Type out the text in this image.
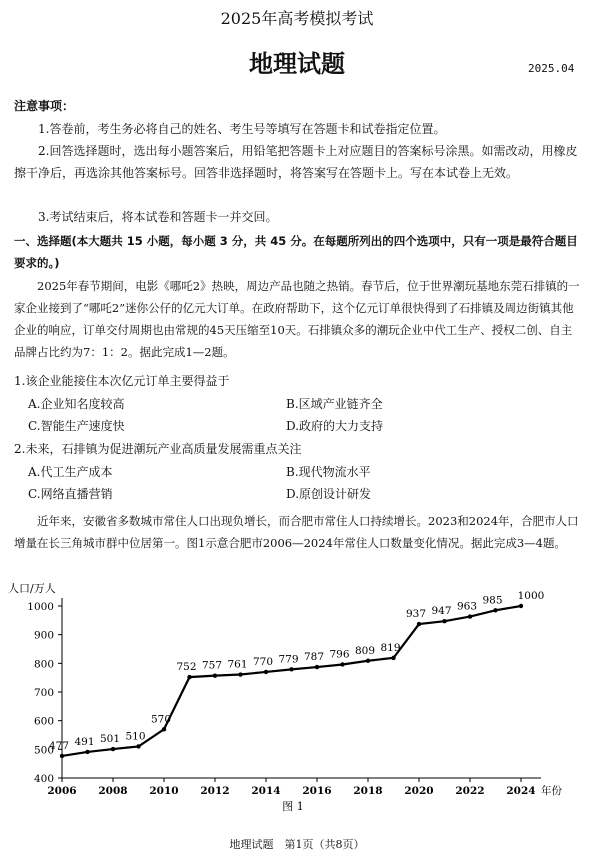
2025年高考模拟考试
地理试题	2025.04
注意事项：
1.答卷前，考生务必将自己的姓名、考生号等填写在答题卡和试卷指定位置。
2.回答选择题时，选出每小题答案后，用铅笔把答题卡上对应题目的答案标号涂黑。如需改动，用橡皮擦干净后，再选涂其他答案标号。回答非选择题时，将答案写在答题卡上。写在本试卷上无效。
3.考试结束后，将本试卷和答题卡一并交回。
一、选择题(本大题共 15 小题，每小题 3 分，共 45 分。在每题所列出的四个选项中，只有一项是最符合题目要求的。)
2025年春节期间，电影《哪吒2》热映，周边产品也随之热销。春节后，位于世界潮玩基地东莞石排镇的一家企业接到了“哪吒2”迷你公仔的亿元大订单。在政府帮助下，这个亿元订单很快得到了石排镇及周边街镇其他企业的响应，订单交付周期也由常规的45天压缩至10天。石排镇众多的潮玩企业中代工生产、授权二创、自主品牌占比约为7：1：2。据此完成1—2题。
1.该企业能接住本次亿元订单主要得益于
A.企业知名度较高	B.区域产业链齐全
C.智能生产速度快	D.政府的大力支持
2.未来，石排镇为促进潮玩产业高质量发展需重点关注
A.代工生产成本	B.现代物流水平
C.网络直播营销	D.原创设计研发
近年来，安徽省多数城市常住人口出现负增长，而合肥市常住人口持续增长。2023和2024年，合肥市人口增量在长三角城市群中位居第一。图1示意合肥市2006—2024年常住人口数量变化情况。据此完成3—4题。
人口/万人
400
500
600
700
800
900
1000
2006 2008 2010 2012 2014 2016 2018 2020 2022 2024 年份
477 491 501 510
570
752 757 761 770 779 787 796 809 819
937 947 963
985 1000
图 1
地理试题　第1页（共8页）
